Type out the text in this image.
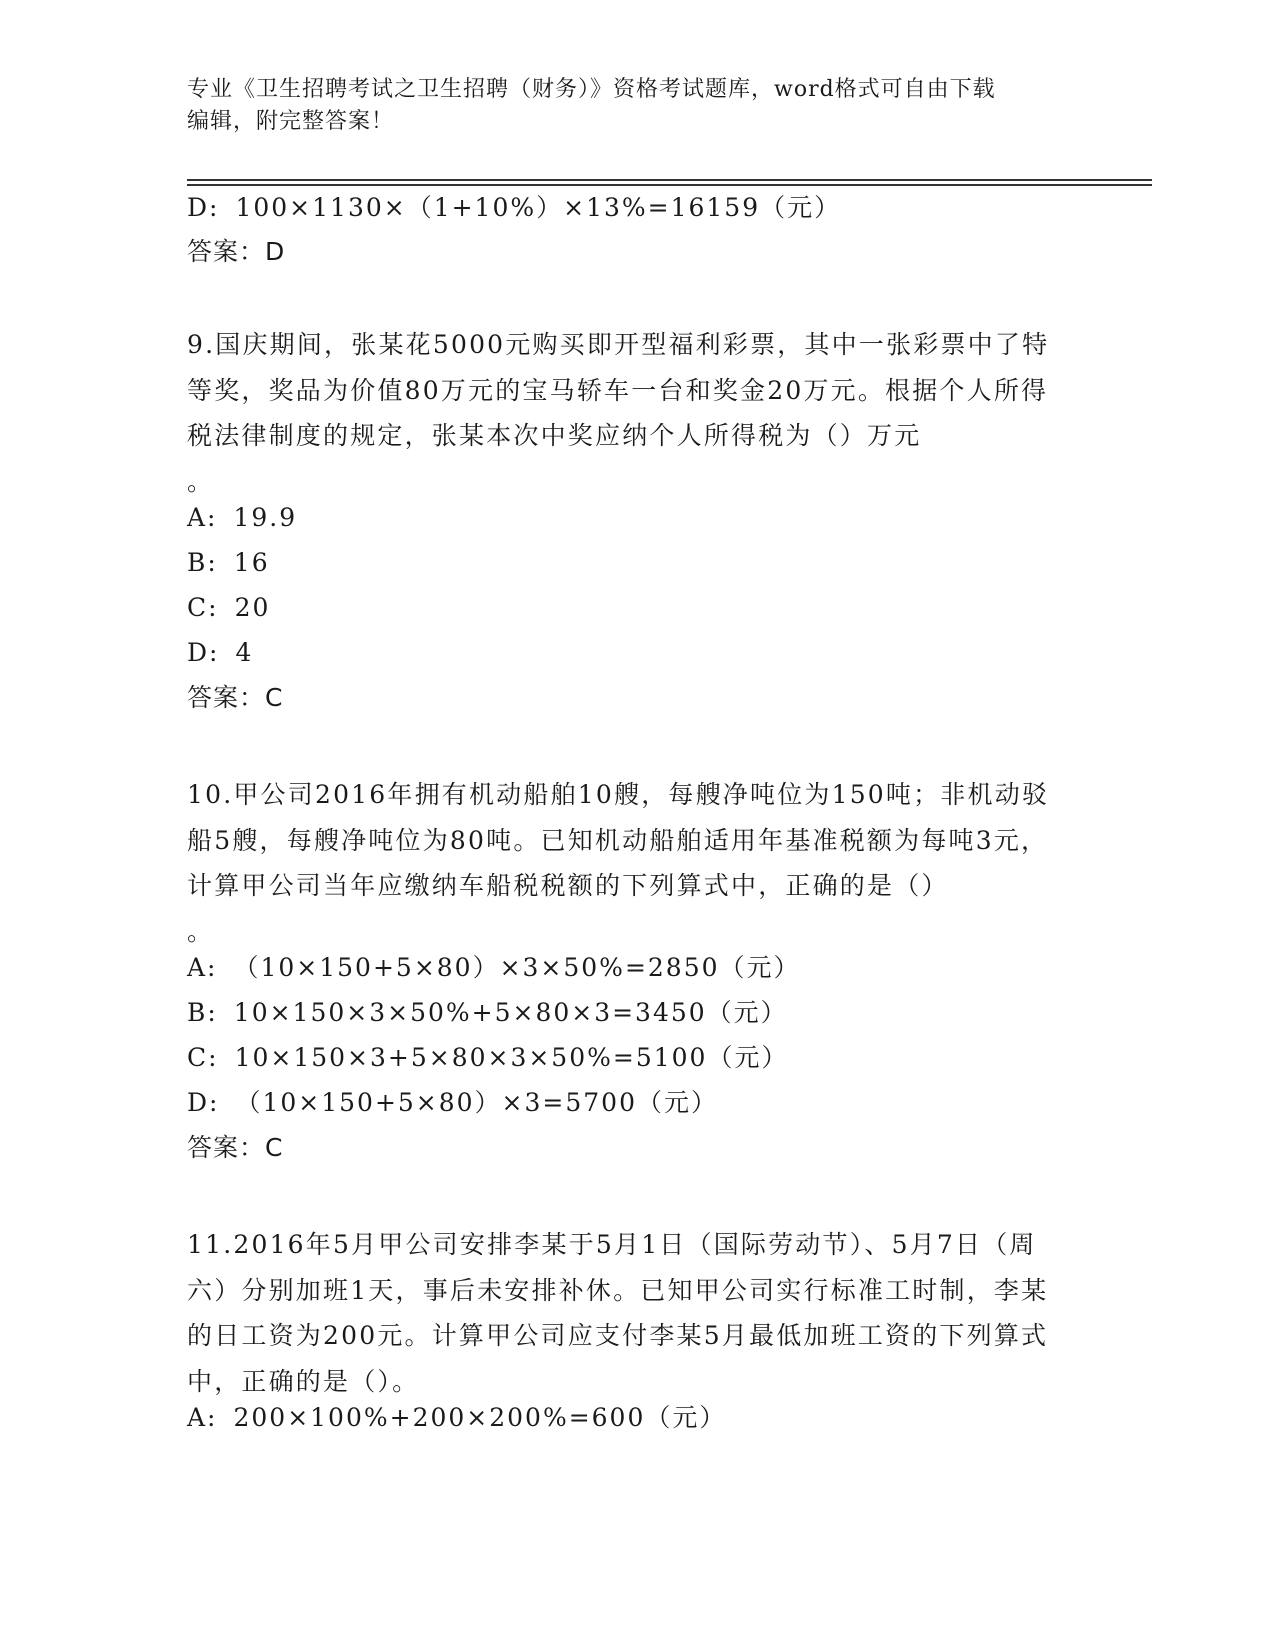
专业《卫生招聘考试之卫生招聘（财务）》资格考试题库，word格式可自由下载
编辑，附完整答案！
D: 100×1130×（1+10%）×13%=16159（元）
答案：D
9.国庆期间，张某花5000元购买即开型福利彩票，其中一张彩票中了特等奖，奖品为价值80万元的宝马轿车一台和奖金20万元。根据个人所得税法律制度的规定，张某本次中奖应纳个人所得税为（）万元
。
A: 19.9
B: 16
C: 20
D: 4
答案：C
10.甲公司2016年拥有机动船舶10艘，每艘净吨位为150吨；非机动驳船5艘，每艘净吨位为80吨。已知机动船舶适用年基准税额为每吨3元，计算甲公司当年应缴纳车船税税额的下列算式中，正确的是（）
。
A: （10×150+5×80）×3×50%=2850（元）
B: 10×150×3×50%+5×80×3=3450（元）
C: 10×150×3+5×80×3×50%=5100（元）
D: （10×150+5×80）×3=5700（元）
答案：C
11.2016年5月甲公司安排李某于5月1日（国际劳动节）、5月7日（周六）分别加班1天，事后未安排补休。已知甲公司实行标准工时制，李某的日工资为200元。计算甲公司应支付李某5月最低加班工资的下列算式中，正确的是（）。
A: 200×100%+200×200%=600（元）
